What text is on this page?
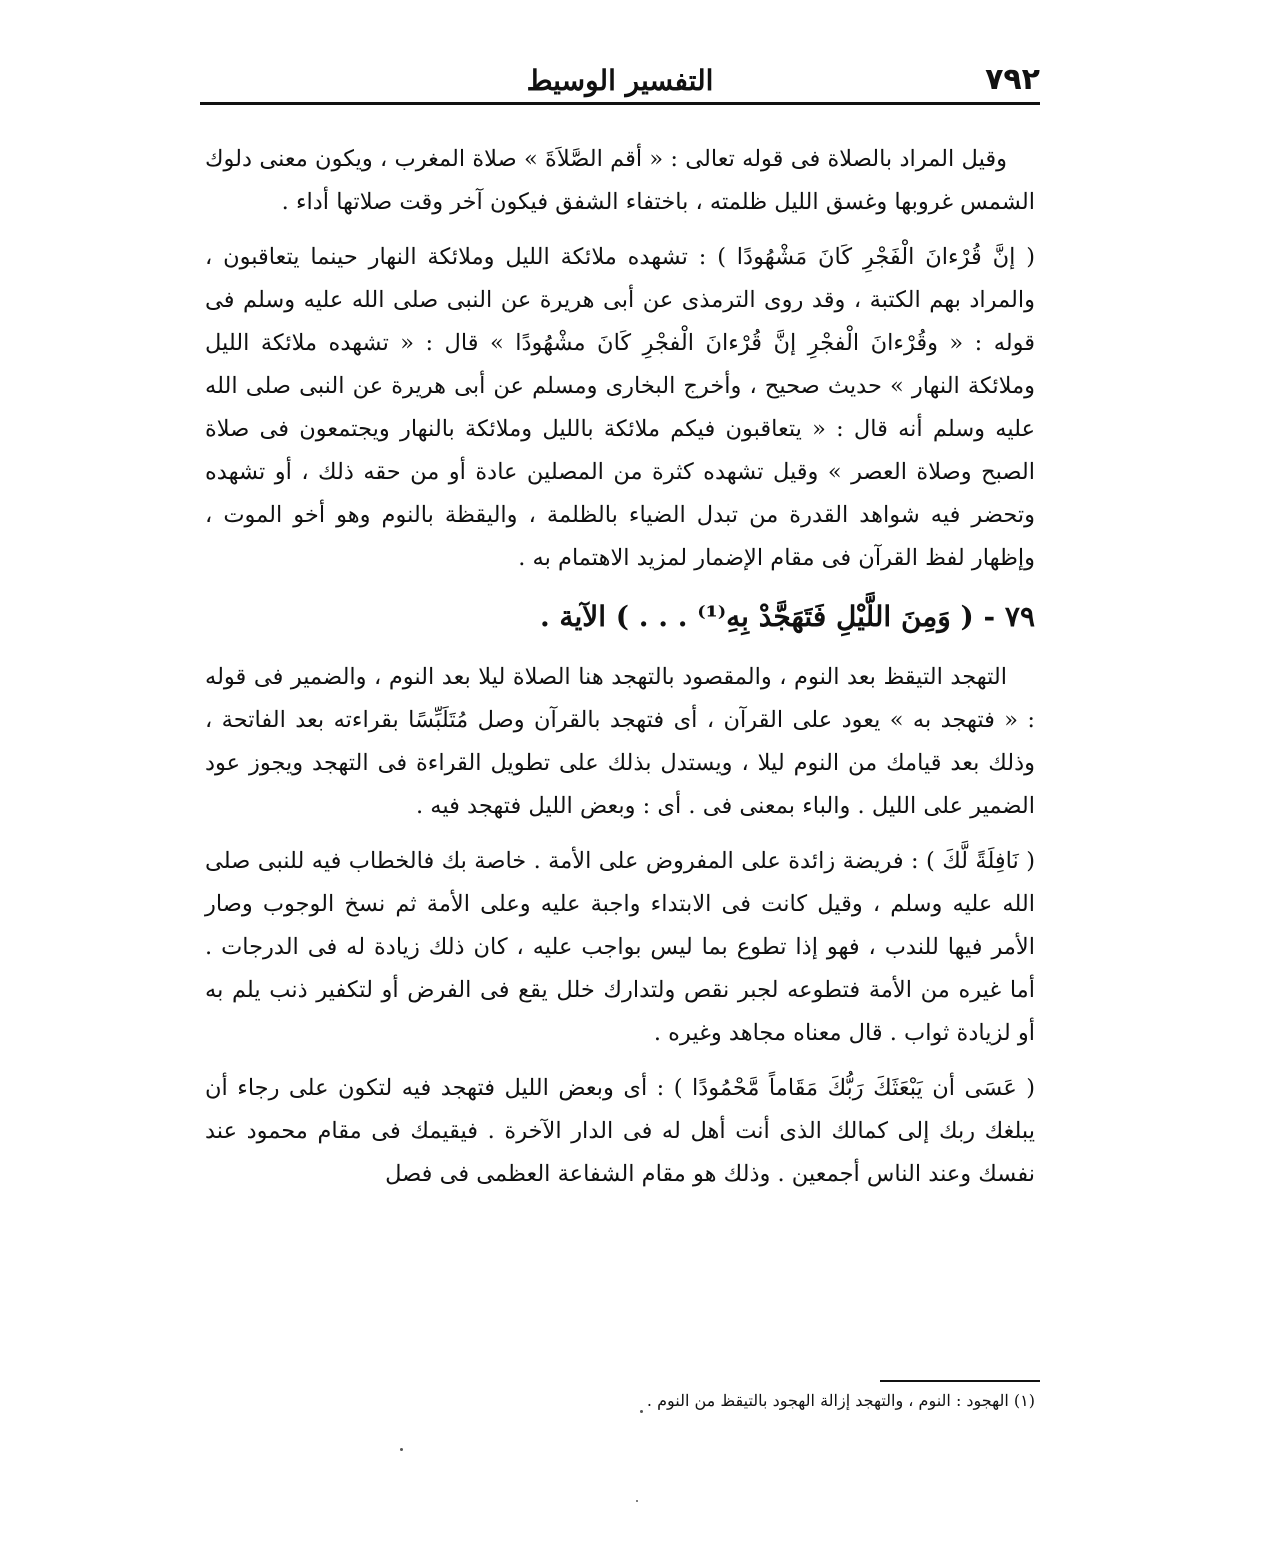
٧٩٢
التفسير الوسيط

وقيل المراد بالصلاة فى قوله تعالى : « أقم الصَّلاَةَ » صلاة المغرب ، ويكون معنى دلوك الشمس غروبها وغسق الليل ظلمته ، باختفاء الشفق فيكون آخر وقت صلاتها أداء .

( إنَّ قُرْءانَ الْفَجْرِ كَانَ مَشْهُودًا ) : تشهده ملائكة الليل وملائكة النهار حينما يتعاقبون ، والمراد بهم الكتبة ، وقد روى الترمذى عن أبى هريرة عن النبى صلى الله عليه وسلم فى قوله : « وقُرْءانَ الْفجْرِ إنَّ قُرْءانَ الْفجْرِ كَانَ مشْهُودًا » قال : « تشهده ملائكة الليل وملائكة النهار » حديث صحيح ، وأخرج البخارى ومسلم عن أبى هريرة عن النبى صلى الله عليه وسلم أنه قال : « يتعاقبون فيكم ملائكة بالليل وملائكة بالنهار ويجتمعون فى صلاة الصبح وصلاة العصر » وقيل تشهده كثرة من المصلين عادة أو من حقه ذلك ، أو تشهده وتحضر فيه شواهد القدرة من تبدل الضياء بالظلمة ، واليقظة بالنوم وهو أخو الموت ، وإظهار لفظ القرآن فى مقام الإضمار لمزيد الاهتمام به .

٧٩ - ( وَمِنَ اللَّيْلِ فَتَهَجَّدْ بِهِ⁽¹⁾ . . . ) الآية .

التهجد التيقظ بعد النوم ، والمقصود بالتهجد هنا الصلاة ليلا بعد النوم ، والضمير فى قوله : « فتهجد به » يعود على القرآن ، أى فتهجد بالقرآن وصل مُتَلَبِّسًا بقراءته بعد الفاتحة ، وذلك بعد قيامك من النوم ليلا ، ويستدل بذلك على تطويل القراءة فى التهجد ويجوز عود الضمير على الليل . والباء بمعنى فى . أى : وبعض الليل فتهجد فيه .

( نَافِلَةً لَّكَ ) : فريضة زائدة على المفروض على الأمة . خاصة بك فالخطاب فيه للنبى صلى الله عليه وسلم ، وقيل كانت فى الابتداء واجبة عليه وعلى الأمة ثم نسخ الوجوب وصار الأمر فيها للندب ، فهو إذا تطوع بما ليس بواجب عليه ، كان ذلك زيادة له فى الدرجات . أما غيره من الأمة فتطوعه لجبر نقص ولتدارك خلل يقع فى الفرض أو لتكفير ذنب يلم به أو لزيادة ثواب . قال معناه مجاهد وغيره .

( عَسَى أن يَبْعَثَكَ رَبُّكَ مَقَاماً مَّحْمُودًا ) : أى وبعض الليل فتهجد فيه لتكون على رجاء أن يبلغك ربك إلى كمالك الذى أنت أهل له فى الدار الآخرة . فيقيمك فى مقام محمود عند نفسك وعند الناس أجمعين . وذلك هو مقام الشفاعة العظمى فى فصل

(١) الهجود : النوم ، والتهجد إزالة الهجود بالتيقظ من النوم .
